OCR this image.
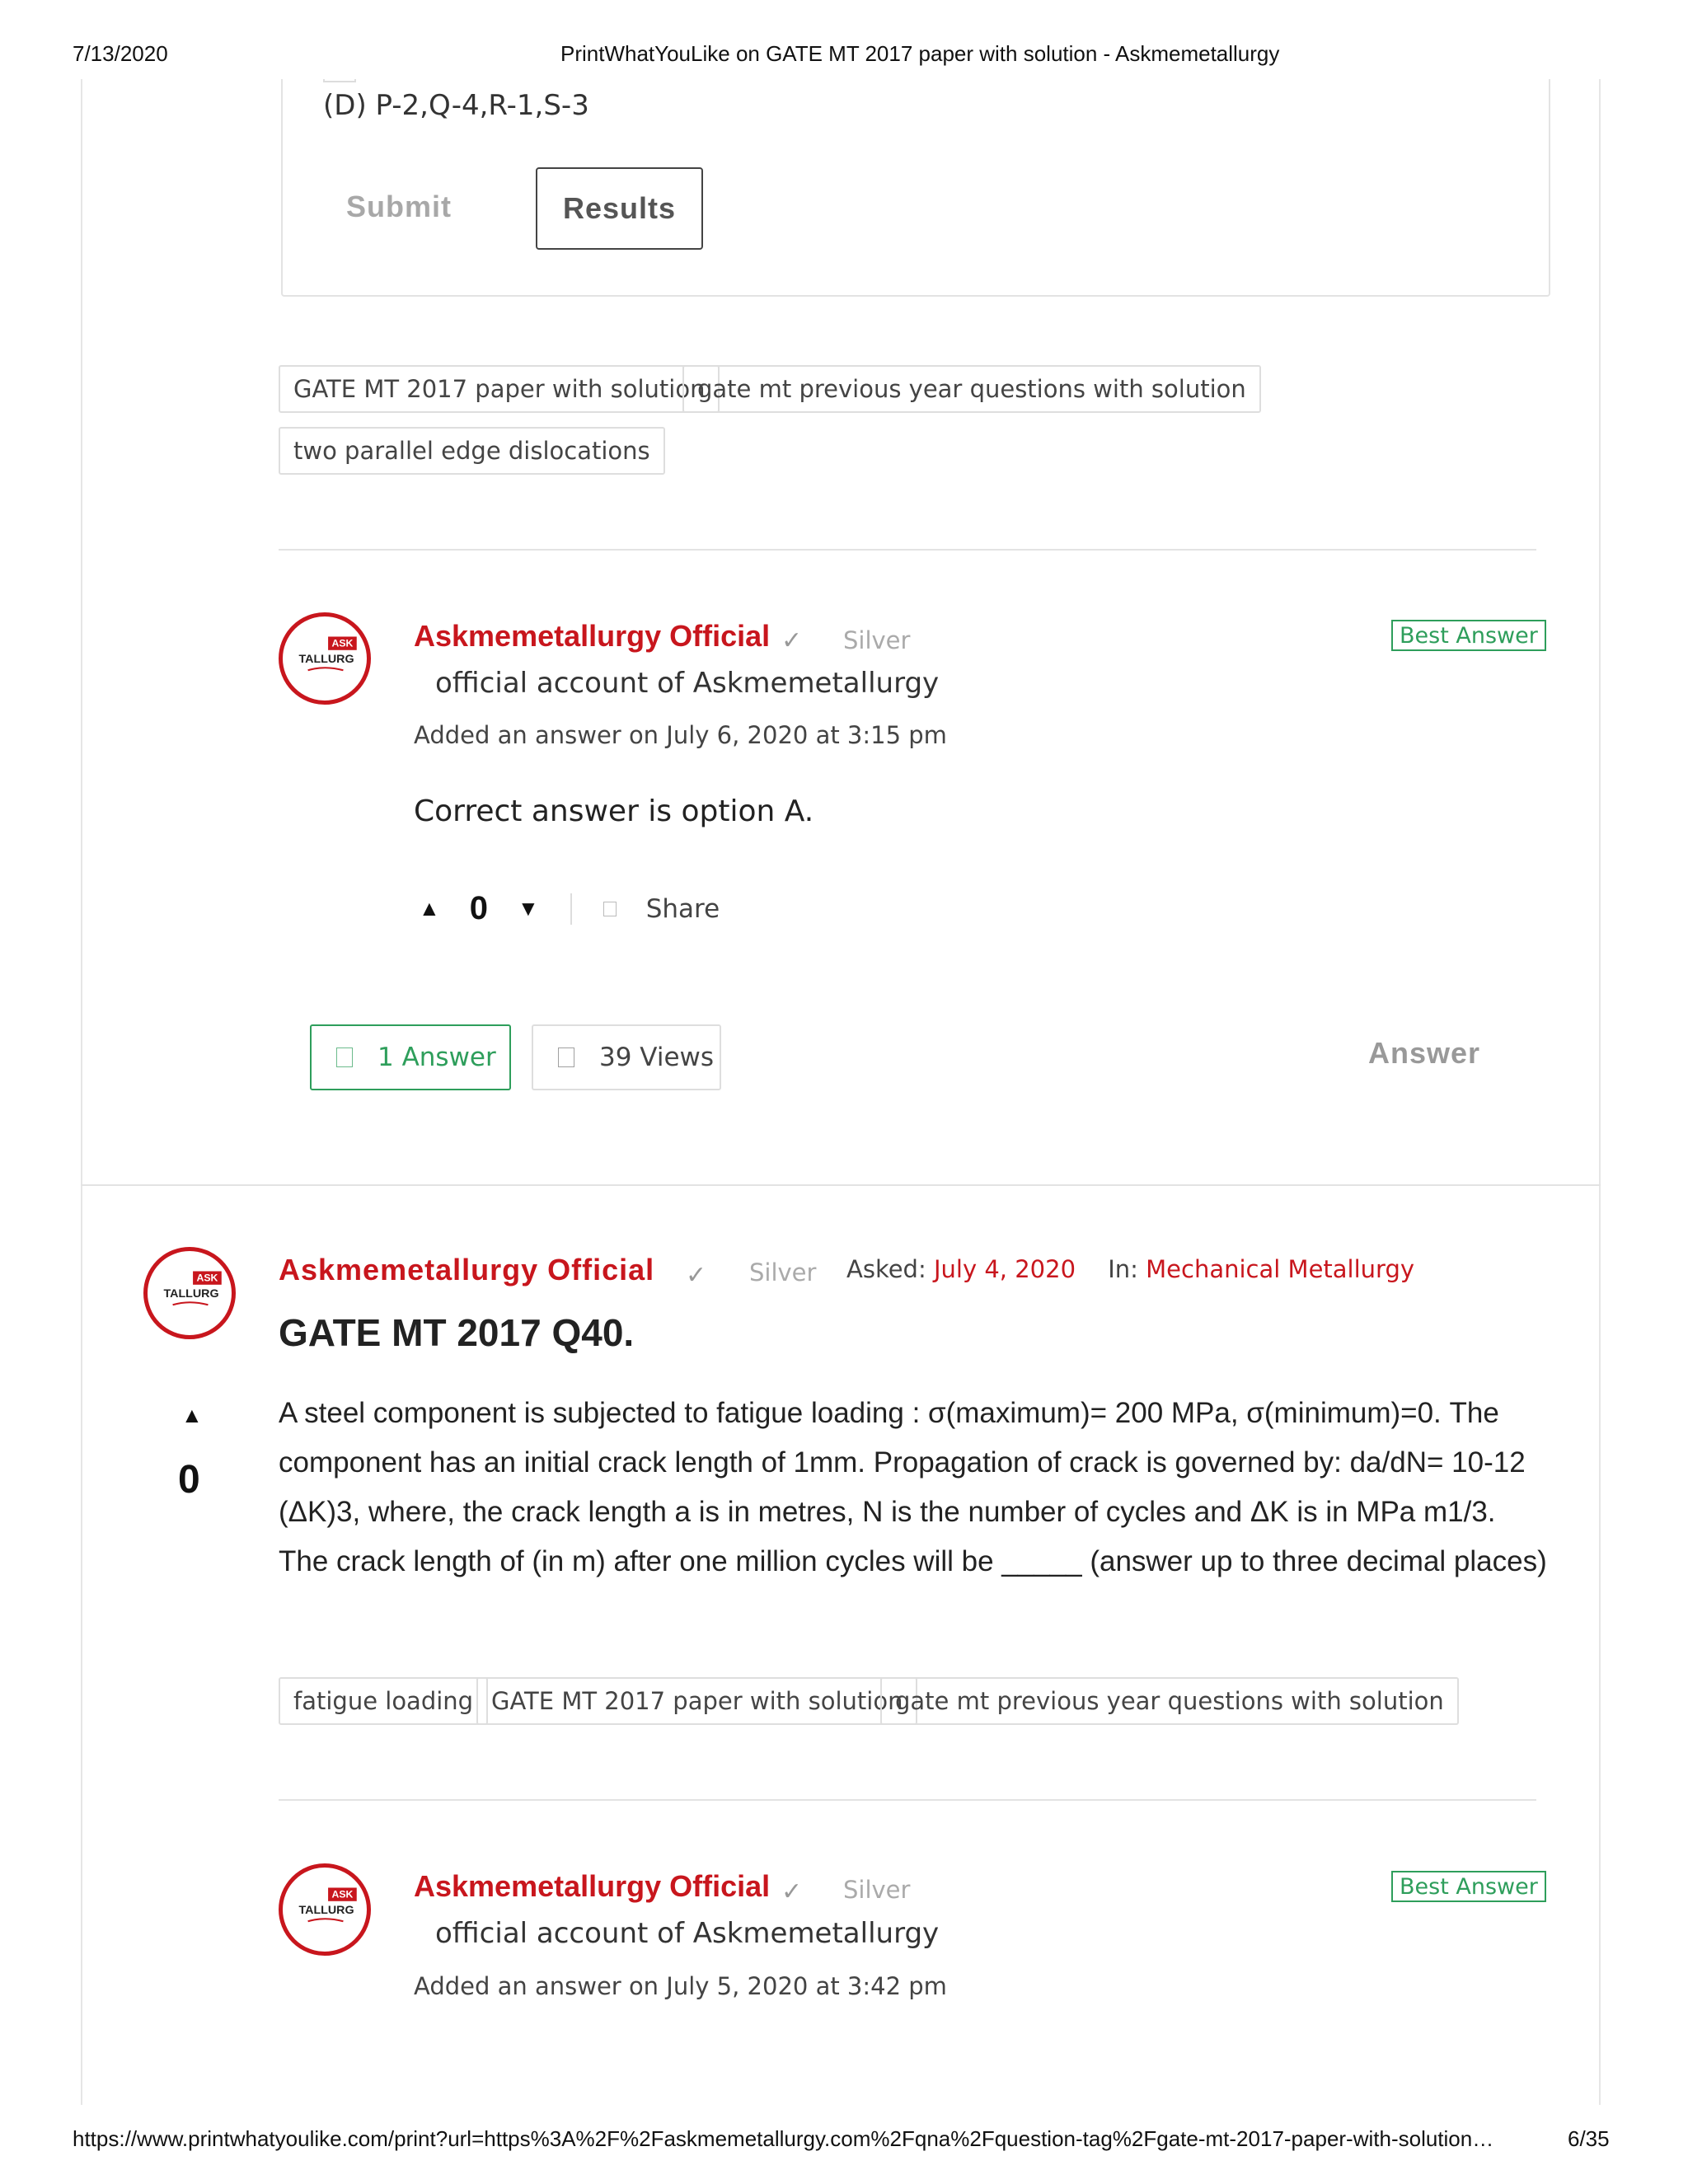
7/13/2020	PrintWhatYouLike on GATE MT 2017 paper with solution - Askmemetallurgy
(D) P-2,Q-4,R-1,S-3
Submit	Results
GATE MT 2017 paper with solution
gate mt previous year questions with solution
two parallel edge dislocations
ASK
TALLURG
Askmemetallurgy Official ✓ Silver	Best Answer
official account of Askmemetallurgy
Added an answer on July 6, 2020 at 3:15 pm
Correct answer is option A.
▲ 0 ▼	Share
1 Answer	39 Views	Answer
ASK
TALLURG
Askmemetallurgy Official ✓ Silver Asked: July 4, 2020 In: Mechanical Metallurgy
GATE MT 2017 Q40.
▲
0
A steel component is subjected to fatigue loading : σ(maximum)= 200 MPa, σ(minimum)=0. The component has an initial crack length of 1mm. Propagation of crack is governed by: da/dN= 10-12 (ΔK)3, where, the crack length a is in metres, N is the number of cycles and ΔK is in MPa m1/3. The crack length of (in m) after one million cycles will be _____ (answer up to three decimal places)
fatigue loading GATE MT 2017 paper with solution
gate mt previous year questions with solution
ASK
TALLURG
Askmemetallurgy Official ✓ Silver	Best Answer
official account of Askmemetallurgy
Added an answer on July 5, 2020 at 3:42 pm
https://www.printwhatyoulike.com/print?url=https%3A%2F%2Faskmemetallurgy.com%2Fqna%2Fquestion-tag%2Fgate-mt-2017-paper-with-solution…	6/35
